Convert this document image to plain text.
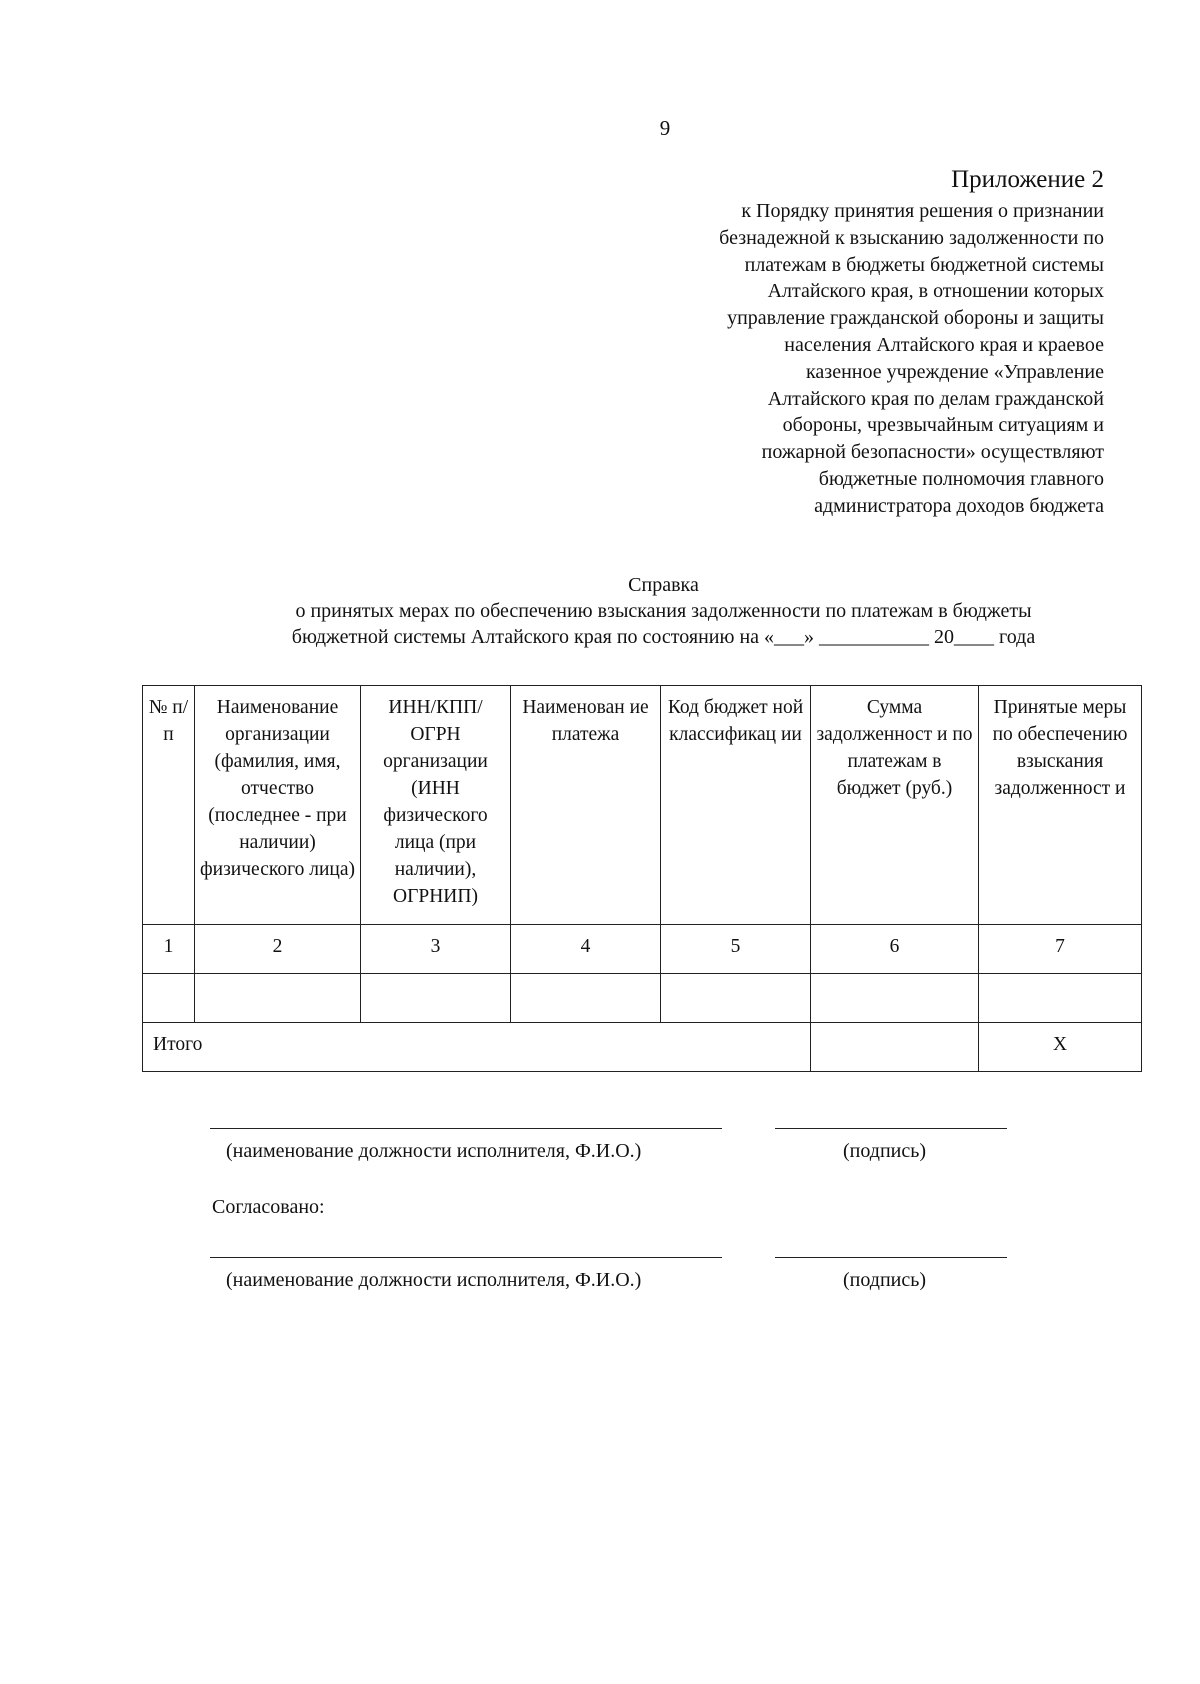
9
Приложение 2
к Порядку принятия решения о признании
безнадежной к взысканию задолженности по
платежам в бюджеты бюджетной системы
Алтайского края, в отношении которых
управление гражданской обороны и защиты
населения Алтайского края и краевое
казенное учреждение «Управление
Алтайского края по делам гражданской
обороны, чрезвычайным ситуациям и
пожарной безопасности» осуществляют
бюджетные полномочия главного
администратора доходов бюджета
Справка
о принятых мерах по обеспечению взыскания задолженности по платежам в бюджеты
бюджетной системы Алтайского края по состоянию на «___» ___________ 20____ года
№ п/п	Наименование организации (фамилия, имя, отчество (последнее - при наличии) физического лица)	ИНН/КПП/ ОГРН организации (ИНН физического лица (при наличии), ОГРНИП)	Наименован ие платежа	Код бюджет ной классификац ии	Сумма задолженност и по платежам в бюджет (руб.)	Принятые меры по обеспечению взыскания задолженност и
1	2	3	4	5	6	7

Итого						Х
(наименование должности исполнителя, Ф.И.О.)	(подпись)
Согласовано:
(наименование должности исполнителя, Ф.И.О.)	(подпись)
